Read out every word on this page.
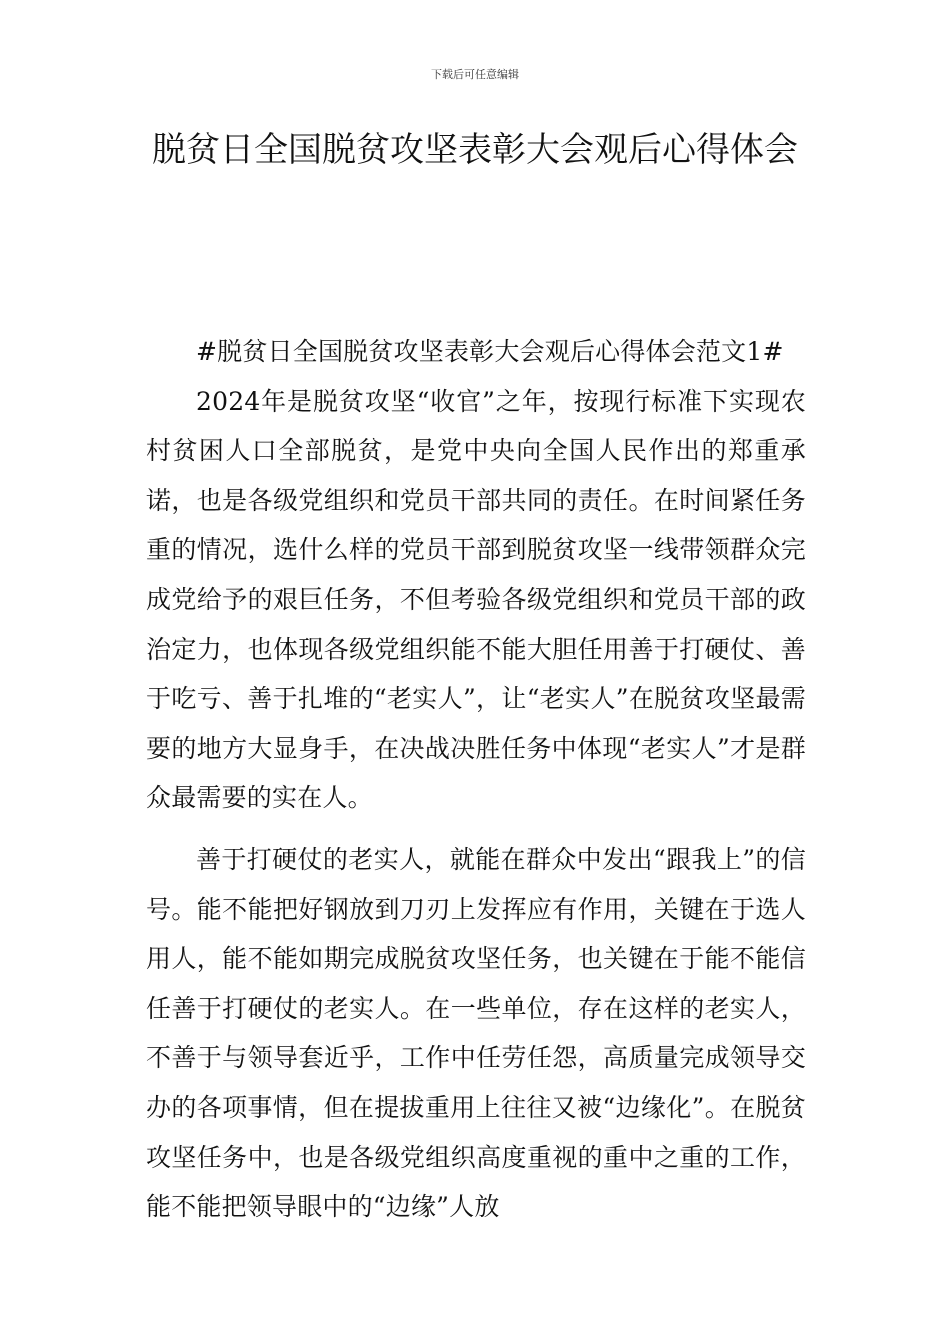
下载后可任意编辑
脱贫日全国脱贫攻坚表彰大会观后心得体会

#脱贫日全国脱贫攻坚表彰大会观后心得体会范文1#

2024年是脱贫攻坚“收官”之年，按现行标准下实现农村贫困人口全部脱贫，是党中央向全国人民作出的郑重承诺，也是各级党组织和党员干部共同的责任。在时间紧任务重的情况，选什么样的党员干部到脱贫攻坚一线带领群众完成党给予的艰巨任务，不但考验各级党组织和党员干部的政治定力，也体现各级党组织能不能大胆任用善于打硬仗、善于吃亏、善于扎堆的“老实人”，让“老实人”在脱贫攻坚最需要的地方大显身手，在决战决胜任务中体现“老实人”才是群众最需要的实在人。

善于打硬仗的老实人，就能在群众中发出“跟我上”的信号。能不能把好钢放到刀刃上发挥应有作用，关键在于选人用人，能不能如期完成脱贫攻坚任务，也关键在于能不能信任善于打硬仗的老实人。在一些单位，存在这样的老实人，不善于与领导套近乎，工作中任劳任怨，高质量完成领导交办的各项事情，但在提拔重用上往往又被“边缘化”。在脱贫攻坚任务中，也是各级党组织高度重视的重中之重的工作，能不能把领导眼中的“边缘”人放
